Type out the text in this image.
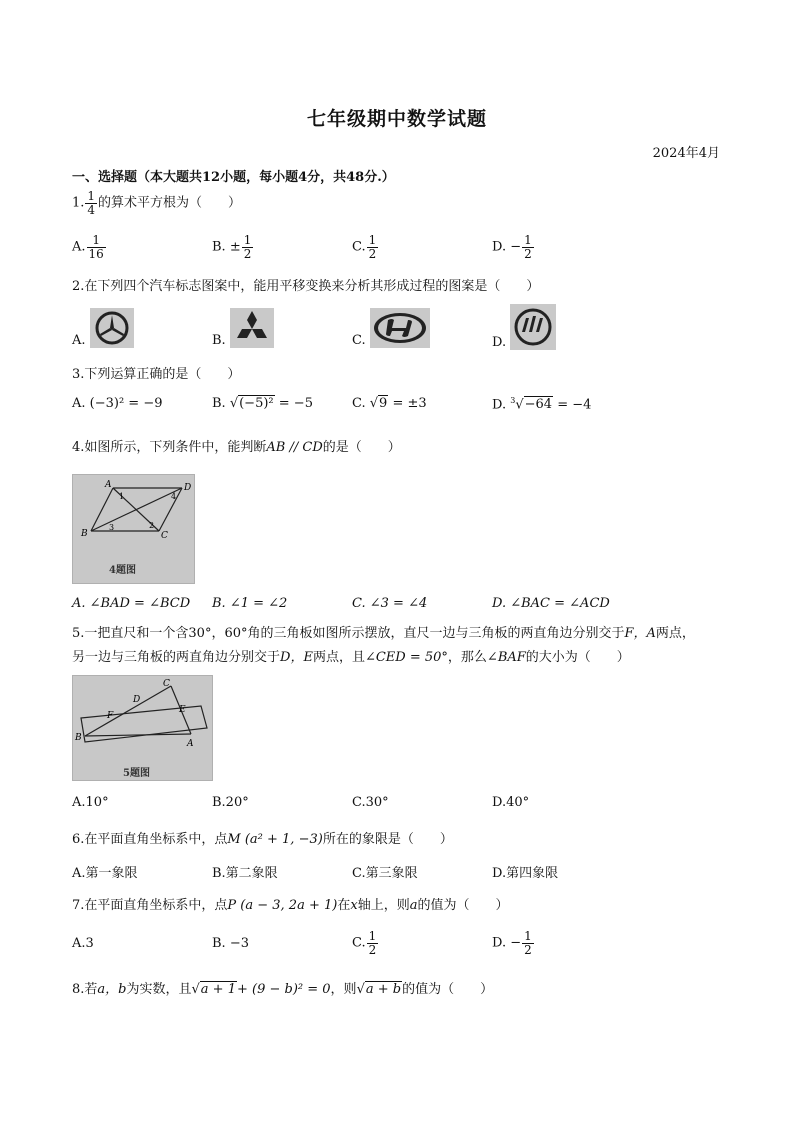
七年级期中数学试题
2024年4月
一、选择题（本大题共12小题，每小题4分，共48分.）
1. $\frac{1}{4}$ 的算术平方根为（　　）
A. $\frac{1}{16}$	B. ± $\frac{1}{2}$	C. $\frac{1}{2}$	D. − $\frac{1}{2}$
2.在下列四个汽车标志图案中，能用平移变换来分析其形成过程的图案是（　　）
A.	B.	C.	D.
3.下列运算正确的是（　　）
A. (−3)² = −9	B. √(−5)² = −5	C. √9 = ±3	D. $^3$√−64 = −4
4.如图所示，下列条件中，能判断AB // CD的是（　　）
A	D
B	C
1
2
3
4
4题图
A. ∠BAD = ∠BCD B. ∠1 = ∠2	C. ∠3 = ∠4	D. ∠BAC = ∠ACD
5.一把直尺和一个含30°，60°角的三角板如图所示摆放，直尺一边与三角板的两直角边分别交于F，A两点，
另一边与三角板的两直角边分别交于D，E两点，且∠CED = 50°，那么∠BAF的大小为（　　）
B
C
D
E
F
A
5题图
A.10°	B.20°	C.30°	D.40°
6.在平面直角坐标系中，点M (a² + 1, −3)所在的象限是（　　）
A.第一象限	B.第二象限	C.第三象限	D.第四象限
7.在平面直角坐标系中，点P (a − 3, 2a + 1)在x轴上，则a的值为（　　）
A.3	B. −3	C. $\frac{1}{2}$	D. − $\frac{1}{2}$
8.若a，b为实数，且√a + 1+ (9 − b)² = 0，则√a + b的值为（　　）
